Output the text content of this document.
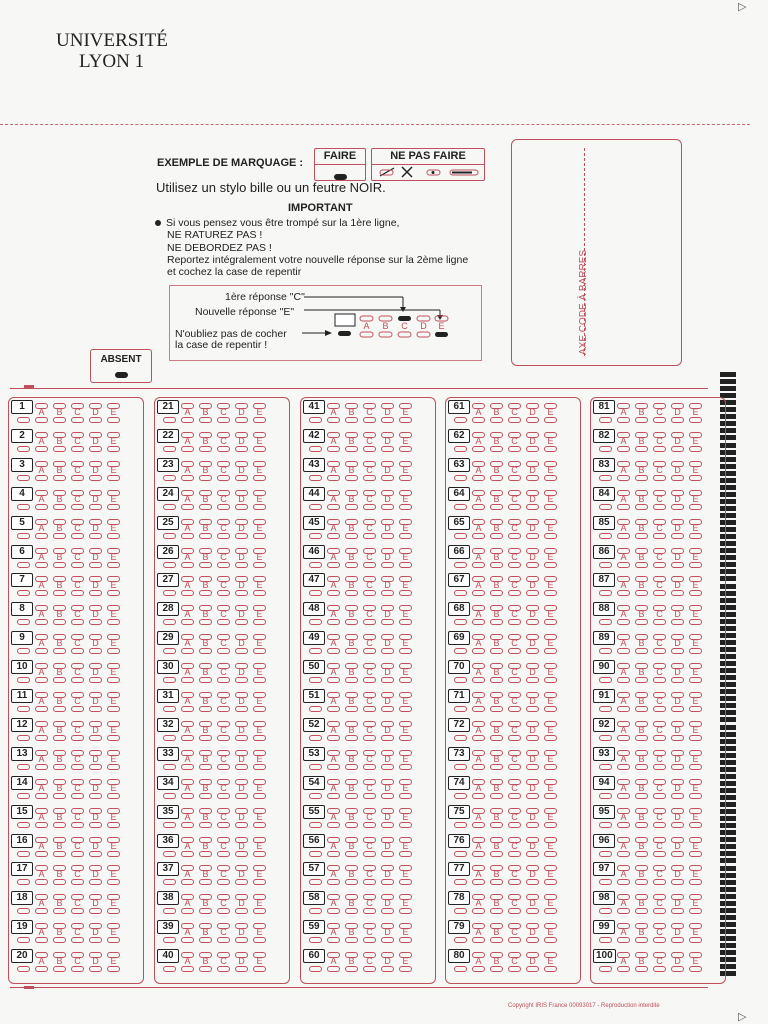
▷
▷
UNIVERSITÉ
LYON 1
EXEMPLE DE MARQUAGE :
FAIRE	NE PAS FAIRE
Utilisez un stylo bille ou un feutre NOIR.
IMPORTANT
Si vous pensez vous être trompé sur la 1ère ligne,
NE RATUREZ PAS !
NE DEBORDEZ PAS !
Reportez intégralement votre nouvelle réponse sur la 2ème ligne
et cochez la case de repentir
1ère réponse "C"
Nouvelle réponse "E"
N'oubliez pas de cocher
la case de repentir !
A B C D E	AXE CODE À BARRES
ABSENT
1	A B C D E
2	A B C D E
3	A B C D E
4	A B C D E
5	A B C D E
6	A B C D E
7	A B C D E
8	A B C D E
9	A B C D E
10	A B C D E
11	A B C D E
12	A B C D E
13	A B C D E
14	A B C D E
15	A B C D E
16	A B C D E
17	A B C D E
18	A B C D E
19	A B C D E
20	A B C D E
21	A B C D E
22	A B C D E
23	A B C D E
24	A B C D E
25	A B C D E
26	A B C D E
27	A B C D E
28	A B C D E
29	A B C D E
30	A B C D E
31	A B C D E
32	A B C D E
33	A B C D E
34	A B C D E
35	A B C D E
36	A B C D E
37	A B C D E
38	A B C D E
39	A B C D E
40	A B C D E
41	A B C D E
42	A B C D E
43	A B C D E
44	A B C D E
45	A B C D E
46	A B C D E
47	A B C D E
48	A B C D E
49	A B C D E
50	A B C D E
51	A B C D E
52	A B C D E
53	A B C D E
54	A B C D E
55	A B C D E
56	A B C D E
57	A B C D E
58	A B C D E
59	A B C D E
60	A B C D E
61	A B C D E
62	A B C D E
63	A B C D E
64	A B C D E
65	A B C D E
66	A B C D E
67	A B C D E
68	A B C D E
69	A B C D E
70	A B C D E
71	A B C D E
72	A B C D E
73	A B C D E
74	A B C D E
75	A B C D E
76	A B C D E
77	A B C D E
78	A B C D E
79	A B C D E
80	A B C D E
81	A B C D E
82	A B C D E
83	A B C D E
84	A B C D E
85	A B C D E
86	A B C D E
87	A B C D E
88	A B C D E
89	A B C D E
90	A B C D E
91	A B C D E
92	A B C D E
93	A B C D E
94	A B C D E
95	A B C D E
96	A B C D E
97	A B C D E
98	A B C D E
99	A B C D E
100 A B C D E
Copyright IRIS France 00093017 - Reproduction interdite
